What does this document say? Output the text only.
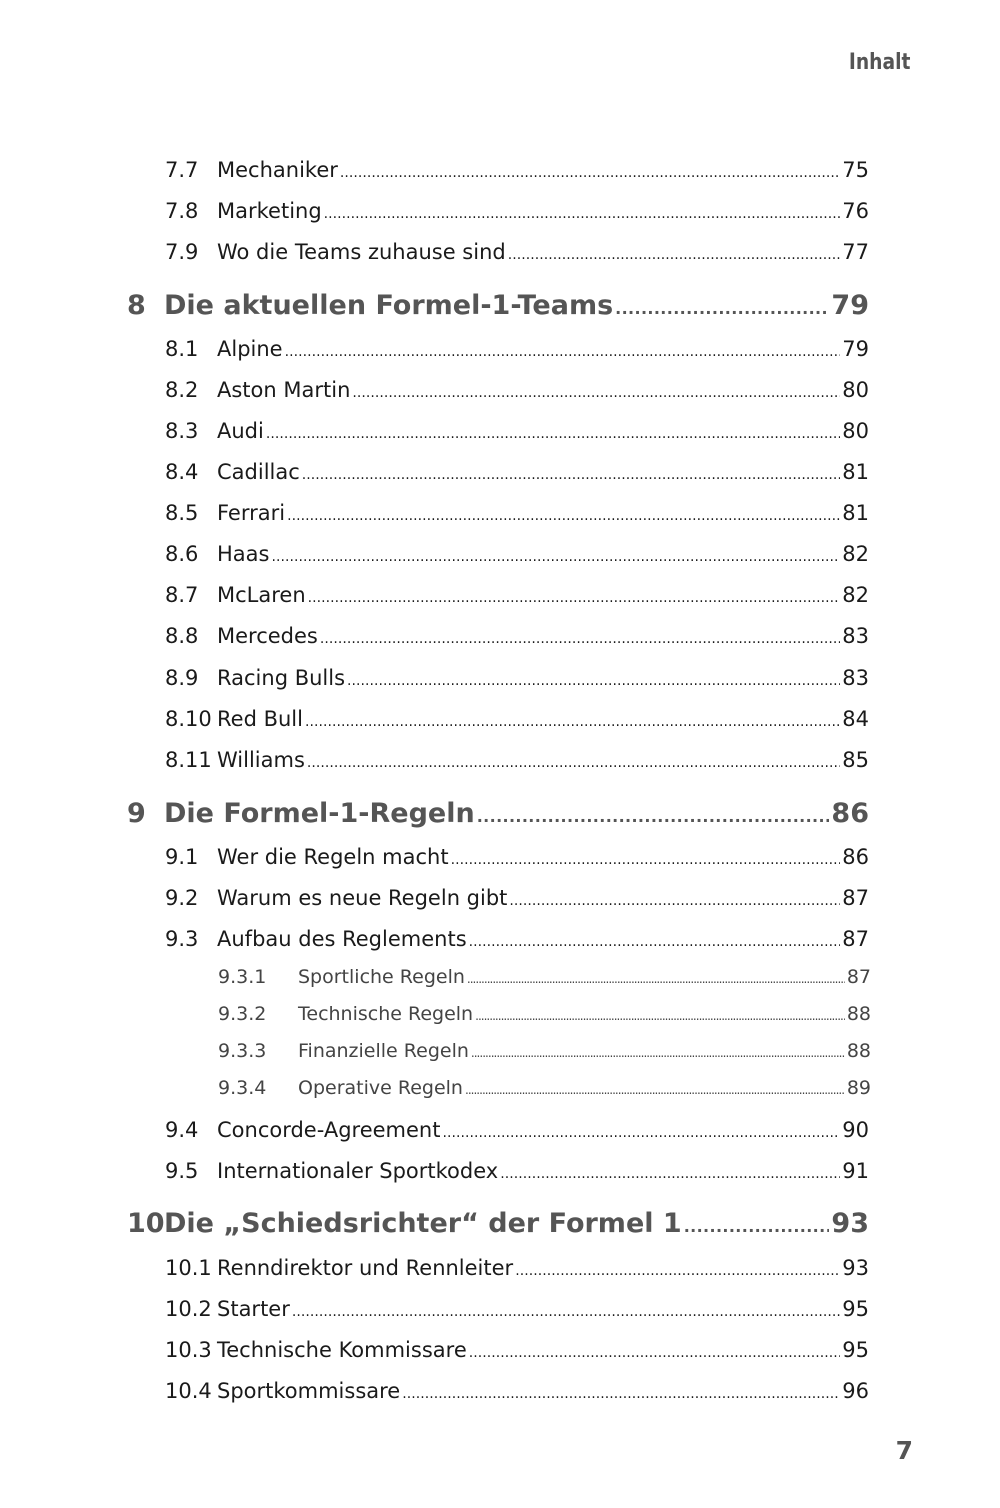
Inhalt
7.7 Mechaniker . . .	75
7.8 Marketing . . .	76
7.9 Wo die Teams zuhause sind . . .	77
8 Die aktuellen Formel-1-Teams . . .	79
8.1 Alpine . . .	79
8.2 Aston Martin . . .	80
8.3 Audi . . .	80
8.4 Cadillac . . .	81
8.5 Ferrari . . .	81
8.6 Haas . . .	82
8.7 McLaren . . .	82
8.8 Mercedes . . .	83
8.9 Racing Bulls . . .	83
8.10 Red Bull . . .	84
8.11 Williams . . .	85
9 Die Formel-1-Regeln . . .	86
9.1 Wer die Regeln macht . . .	86
9.2 Warum es neue Regeln gibt . . .	87
9.3 Aufbau des Reglements . . .	87
9.3.1	Sportliche Regeln . . .	87
9.3.2	Technische Regeln . . .	88
9.3.3	Finanzielle Regeln . . .	88
9.3.4	Operative Regeln . . .	89
9.4 Concorde-Agreement . . .	90
9.5 Internationaler Sportkodex . . .	91
10 Die „Schiedsrichter“ der Formel 1 . . .	93
10.1 Renndirektor und Rennleiter . . .	93
10.2 Starter . . .	95
10.3 Technische Kommissare . . .	95
10.4 Sportkommissare . . .	96
7
